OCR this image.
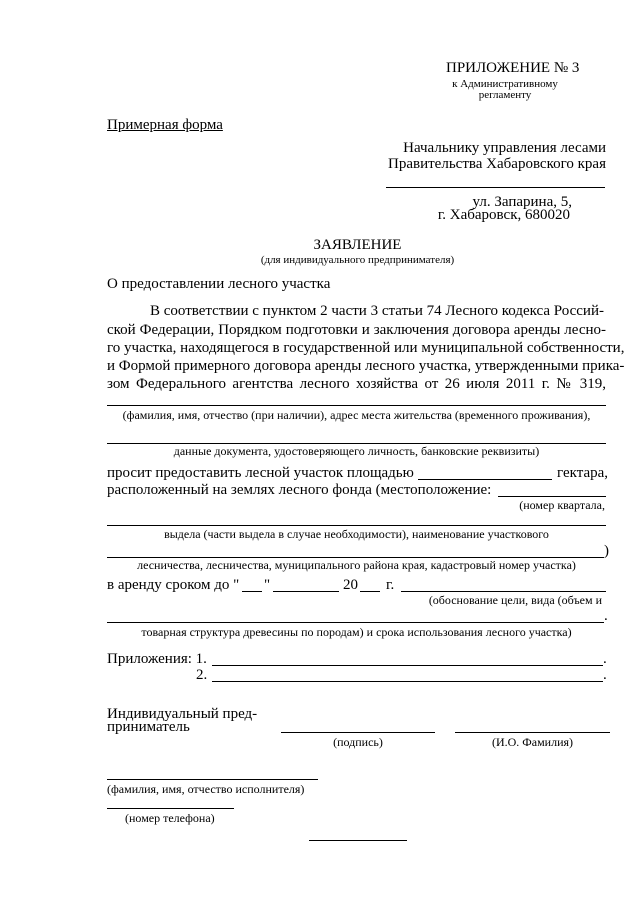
ПРИЛОЖЕНИЕ № 3
к Административному
регламенту
Примерная форма
Начальнику управления лесами
Правительства Хабаровского края
ул. Запарина, 5,
г. Хабаровск, 680020
ЗАЯВЛЕНИЕ
(для индивидуального предпринимателя)
О предоставлении лесного участка
В соответствии с пунктом 2 части 3 статьи 74 Лесного кодекса Россий-
ской Федерации, Порядком подготовки и заключения договора аренды лесно-
го участка, находящегося в государственной или муниципальной собственности,
и Формой примерного договора аренды лесного участка, утвержденными прика-
зом Федерального агентства лесного хозяйства от 26 июля 2011 г. № 319,
(фамилия, имя, отчество (при наличии), адрес места жительства (временного проживания),
данные документа, удостоверяющего личность, банковские реквизиты)
просит предоставить лесной участок площадью	гектара,
расположенный на землях лесного фонда (местоположение:
(номер квартала,
выдела (части выдела в случае необходимости), наименование участкового
)
лесничества, лесничества, муниципального района края, кадастровый номер участка)
в аренду сроком до " "	20 г.
(обоснование цели, вида (объем и
.
товарная структура древесины по породам) и срока использования лесного участка)
Приложения: 1.	.
2.	.
Индивидуальный пред-
приниматель
(подпись)	(И.О. Фамилия)
(фамилия, имя, отчество исполнителя)
(номер телефона)
